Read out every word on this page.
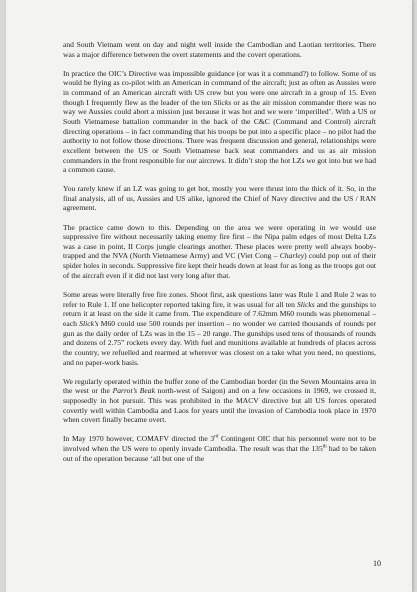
and South Vietnam went on day and night well inside the Cambodian and Laotian territories. There was a major difference between the overt statements and the covert operations.

In practice the OIC’s Directive was impossible guidance (or was it a command?) to follow. Some of us would be flying as co-pilot with an American in command of the aircraft; just as often as Aussies were in command of an American aircraft with US crew but you were one aircraft in a group of 15. Even though I frequently flew as the leader of the ten Slicks or as the air mission commander there was no way we Aussies could abort a mission just because it was hot and we were ‘imperilled’. With a US or South Vietnamese battalion commander in the back of the C&C (Command and Control) aircraft directing operations – in fact commanding that his troops be put into a specific place – no pilot had the authority to not follow those directions. There was frequent discussion and general, relationships were excellent between the US or South Vietnamese back seat commanders and us as air mission commanders in the front responsible for our aircrews. It didn’t stop the hot LZs we got into but we had a common cause.

You rarely knew if an LZ was going to get hot, mostly you were thrust into the thick of it. So, in the final analysis, all of us, Aussies and US alike, ignored the Chief of Navy directive and the US / RAN agreement.

The practice came down to this. Depending on the area we were operating in we would use suppressive fire without necessarily taking enemy fire first – the Nipa palm edges of most Delta LZs was a case in point, II Corps jungle clearings another. These places were pretty well always booby-trapped and the NVA (North Vietnamese Army) and VC (Viet Cong – Charley) could pop out of their spider holes in seconds. Suppressive fire kept their heads down at least for as long as the troops got out of the aircraft even if it did not last very long after that.

Some areas were literally free fire zones. Shoot first, ask questions later was Rule 1 and Rule 2 was to refer to Rule 1. If one helicopter reported taking fire, it was usual for all ten Slicks and the gunships to return it at least on the side it came from. The expenditure of 7.62mm M60 rounds was phenomenal – each Slick’s M60 could use 500 rounds per insertion – no wonder we carried thousands of rounds per gun as the daily order of LZs was in the 15 – 20 range. The gunships used tens of thousands of rounds and dozens of 2.75” rockets every day. With fuel and munitions available at hundreds of places across the country, we refuelled and rearmed at wherever was closest on a take what you need, no questions, and no paper-work basis.

We regularly operated within the buffer zone of the Cambodian border (in the Seven Mountains area in the west or the Parrot’s Beak north-west of Saigon) and on a few occasions in 1969, we crossed it, supposedly in hot pursuit. This was prohibited in the MACV directive but all US forces operated covertly well within Cambodia and Laos for years until the invasion of Cambodia took place in 1970 when covert finally became overt.

In May 1970 however, COMAFV directed the 3rd Contingent OIC that his personnel were not to be involved when the US were to openly invade Cambodia. The result was that the 135th had to be taken out of the operation because ‘all but one of the

10
